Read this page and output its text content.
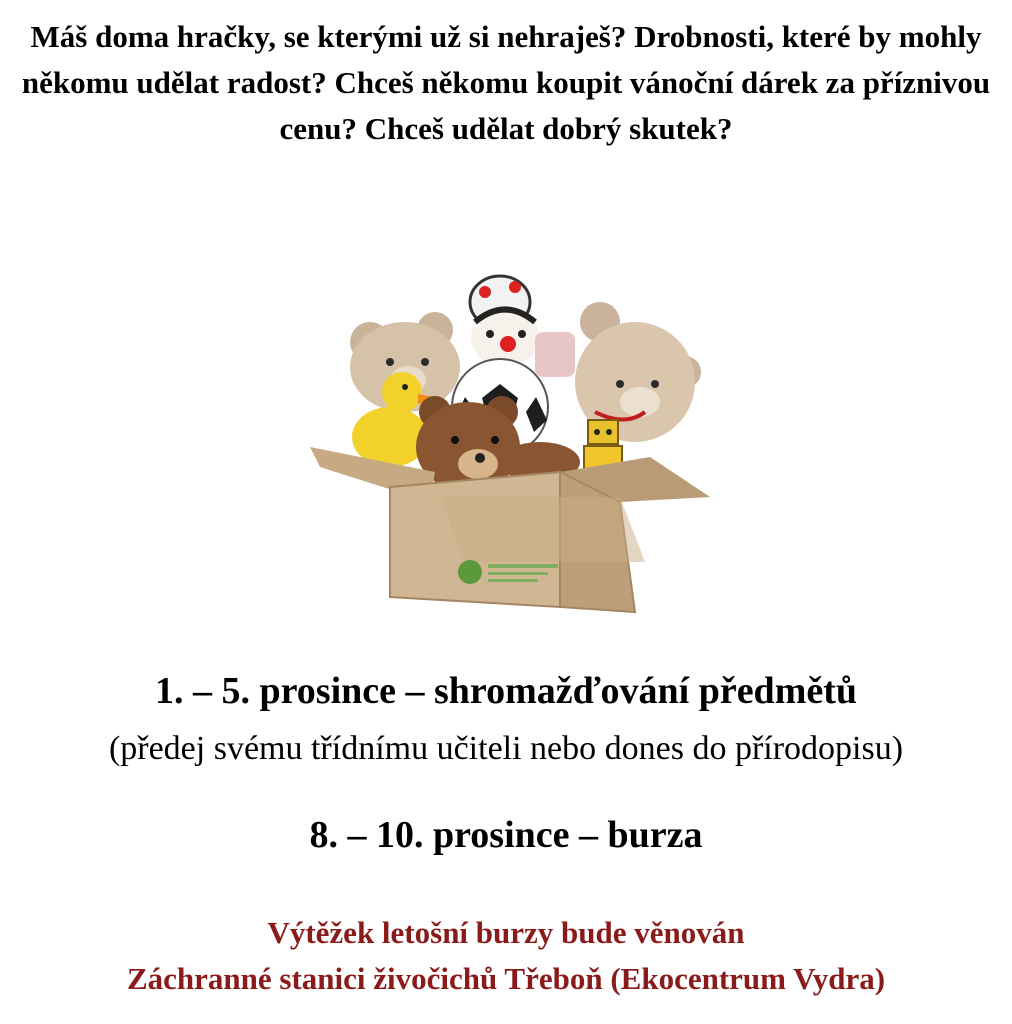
Máš doma hračky, se kterými už si nehraješ? Drobnosti, které by mohly někomu udělat radost? Chceš někomu koupit vánoční dárek za příznivou cenu? Chceš udělat dobrý skutek?
1. – 5. prosince – shromažďování předmětů
(předej svému třídnímu učiteli nebo dones do přírodopisu)
8. – 10. prosince – burza
Výtěžek letošní burzy bude věnován
Záchranné stanici živočichů Třeboň (Ekocentrum Vydra)
